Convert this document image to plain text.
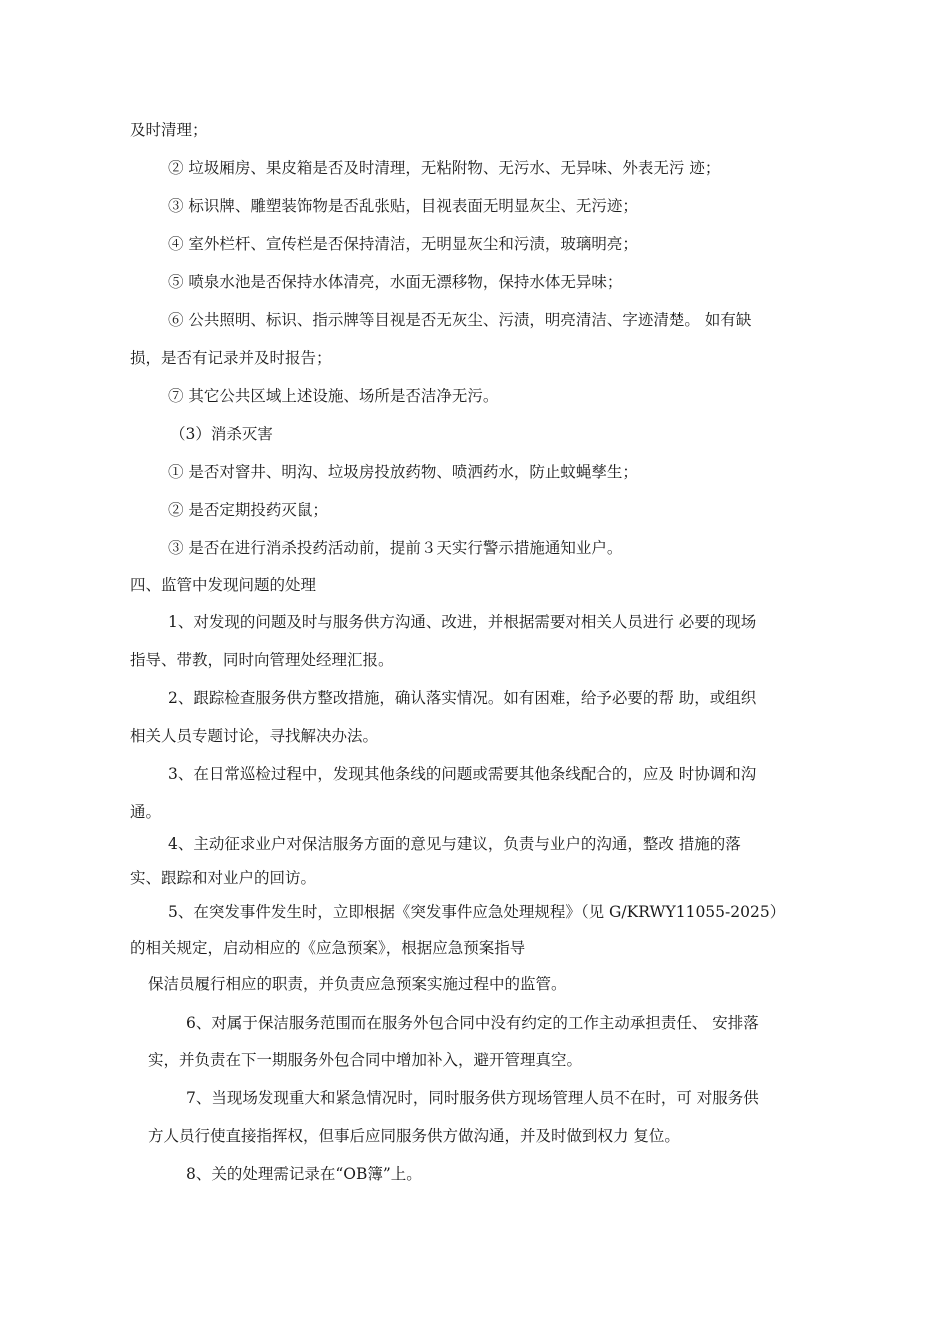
及时清理；
② 垃圾厢房、果皮箱是否及时清理，无粘附物、无污水、无异味、外表无污 迹；
③ 标识牌、雕塑装饰物是否乱张贴，目视表面无明显灰尘、无污迹；
④ 室外栏杆、宣传栏是否保持清洁，无明显灰尘和污渍，玻璃明亮；
⑤ 喷泉水池是否保持水体清亮，水面无漂移物，保持水体无异味；
⑥ 公共照明、标识、指示牌等目视是否无灰尘、污渍，明亮清洁、字迹清楚。 如有缺
损，是否有记录并及时报告；
⑦ 其它公共区域上述设施、场所是否洁净无污。
（3）消杀灭害
① 是否对窨井、明沟、垃圾房投放药物、喷洒药水，防止蚊蝇孳生；
② 是否定期投药灭鼠；
③ 是否在进行消杀投药活动前，提前３天实行警示措施通知业户。
四、监管中发现问题的处理
1、对发现的问题及时与服务供方沟通、改进，并根据需要对相关人员进行 必要的现场
指导、带教，同时向管理处经理汇报。
2、跟踪检查服务供方整改措施，确认落实情况。如有困难，给予必要的帮 助，或组织
相关人员专题讨论，寻找解决办法。
3、在日常巡检过程中，发现其他条线的问题或需要其他条线配合的，应及 时协调和沟
通。
4、主动征求业户对保洁服务方面的意见与建议，负责与业户的沟通，整改 措施的落
实、跟踪和对业户的回访。
5、在突发事件发生时，立即根据《突发事件应急处理规程》（见 G/KRWY11055-2025）
的相关规定，启动相应的《应急预案》，根据应急预案指导
保洁员履行相应的职责，并负责应急预案实施过程中的监管。
6、对属于保洁服务范围而在服务外包合同中没有约定的工作主动承担责任、 安排落
实，并负责在下一期服务外包合同中增加补入，避开管理真空。
7、当现场发现重大和紧急情况时，同时服务供方现场管理人员不在时，可 对服务供
方人员行使直接指挥权，但事后应同服务供方做沟通，并及时做到权力 复位。
8、关的处理需记录在“OB簿”上。
